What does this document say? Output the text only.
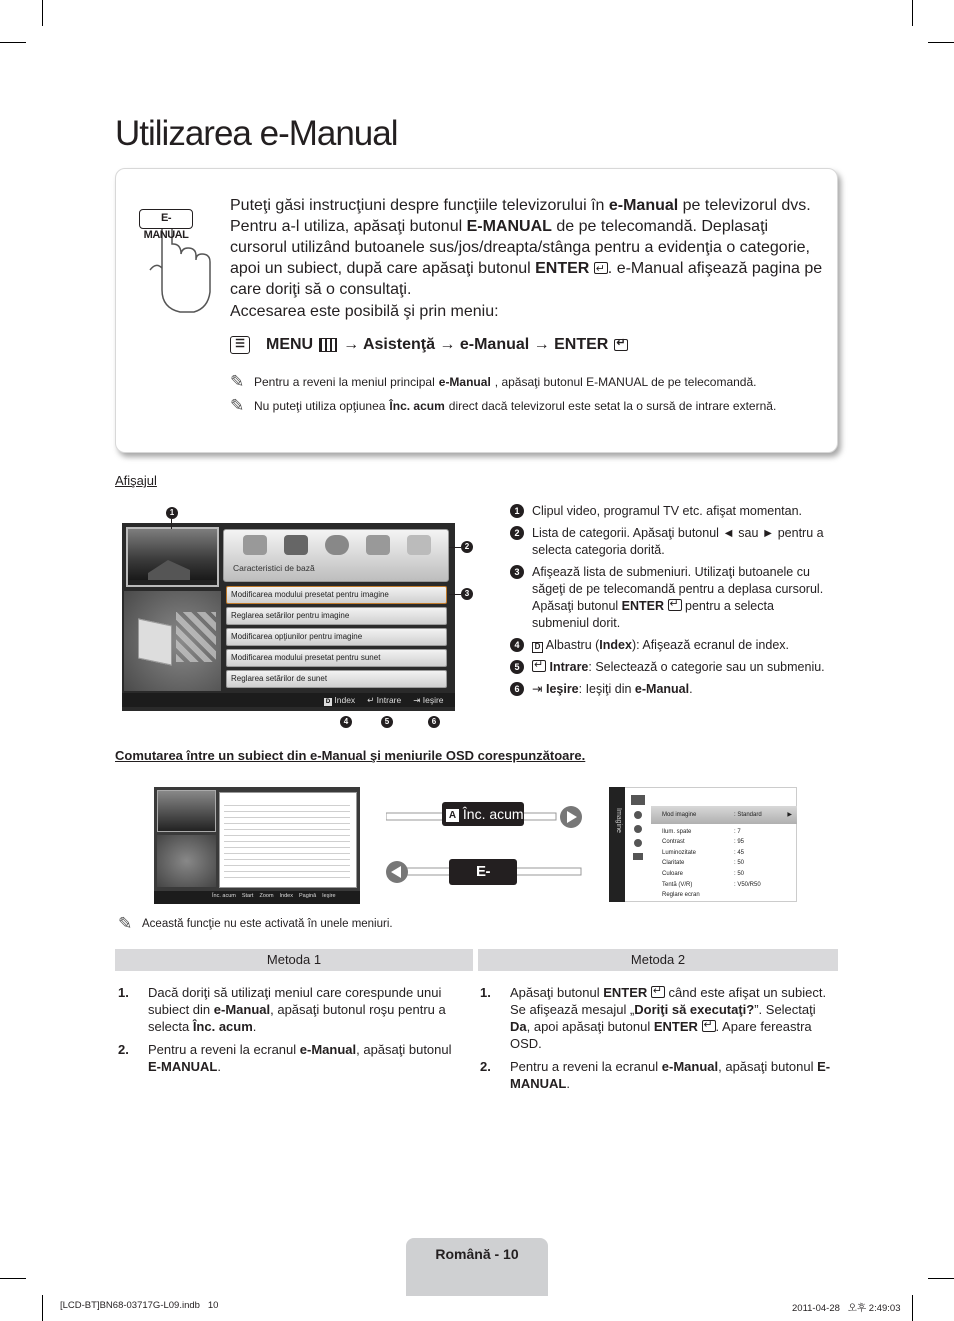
Utilizarea e-Manual
E-MANUAL

Puteţi găsi instrucţiuni despre funcţiile televizorului în e-Manual pe televizorul dvs. Pentru a-l utiliza, apăsaţi butonul E-MANUAL de pe telecomandă. Deplasaţi cursorul utilizând butoanele sus/jos/dreapta/stânga pentru a evidenţia o categorie, apoi un subiect, după care apăsaţi butonul ENTER ↵ . e-Manual afişează pagina pe care doriţi să o consultaţi.

Accesarea este posibilă şi prin meniu:

☰	MENU → Asistenţă → e-Manual → ENTER
↵
✎ Pentru a reveni la meniul principal e-Manual , apăsaţi butonul E-MANUAL de pe telecomandă.
✎ Nu puteţi utiliza opţiunea Înc. acum direct dacă televizorul este setat la o sursă de intrare externă.
Afişajul
Caracteristici de bază
Modificarea modului presetat pentru imagine
Reglarea setărilor pentru imagine
Modificarea opţiunilor pentru imagine
Modificarea modului presetat pentru sunet
Reglarea setărilor de sunet
D Index ↵ Intrare ⇥ Ieşire
1
2
3
4	5	6
1	Clipul video, programul TV etc. afişat momentan.
2	Lista de categorii. Apăsaţi butonul ◄ sau ► pentru a selecta categoria dorită.
3	Afişează lista de submeniuri. Utilizaţi butoanele cu săgeţi de pe telecomandă pentru a deplasa cursorul. Apăsaţi butonul ENTER ↵ pentru a selecta submeniul dorit.
4	D Albastru (Index): Afişează ecranul de index.
5 ↵	Intrare: Selectează o categorie sau un submeniu.
6	⇥ Ieşire: Ieşiţi din e-Manual.
Comutarea între un subiect din e-Manual şi meniurile OSD corespunzătoare.
Înc. acum Start Zoom Index Pagină Ieşire
A Înc. acum
E-MANUAL
Imagine	Mod imagine	: Standard	▶
Ilum. spate	: 7
Contrast	: 95
Luminozitate	: 45
Claritate	: 50
Culoare	: 50
Tentă (V/R)	: V50/R50
Reglare ecran
✎ Această funcţie nu este activată în unele meniuri.
Metoda 1	Metoda 2
1.	Dacă doriţi să utilizaţi meniul care corespunde unui subiect din e-Manual, apăsaţi butonul roşu pentru a selecta Înc. acum.
2.	Pentru a reveni la ecranul e-Manual, apăsaţi butonul E-MANUAL.
1.	Apăsaţi butonul ENTER ↵ când este afişat un subiect. Se afişează mesajul „Doriţi să executaţi?”. Selectaţi Da, apoi apăsaţi butonul ENTER ↵ . Apare fereastra OSD.
2.	Pentru a reveni la ecranul e-Manual, apăsaţi butonul E-MANUAL.
Română - 10
[LCD-BT]BN68-03717G-L09.indb   10	2011-04-28   오후 2:49:03
